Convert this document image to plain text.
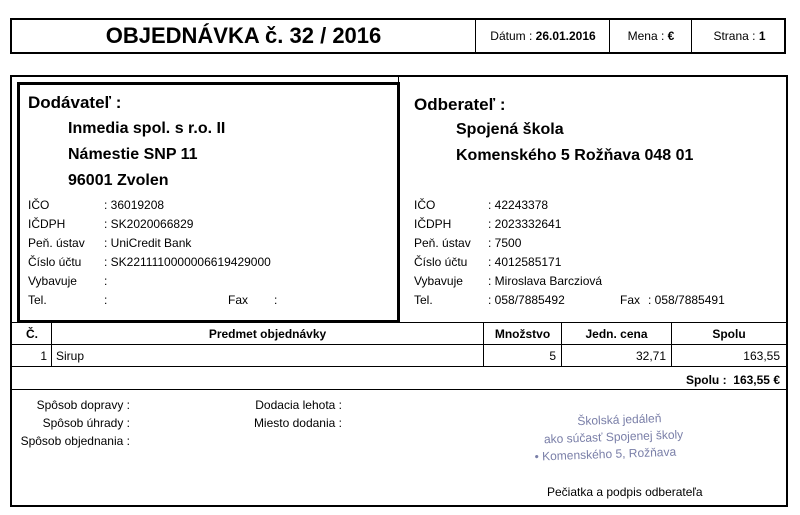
OBJEDNÁVKA č. 32 / 2016	Dátum :
26.01.2016	Mena :
€	Strana :
1
Dodávateľ :
Inmedia spol. s r.o. II
Námestie SNP 11
96001 Zvolen
IČO	: 36019208
IČDPH	: SK2020066829
Peň. ústav : UniCredit Bank
Číslo účtu : SK2211110000006619429000
Vybavuje :
Tel.	:	Fax :
Odberateľ :
Spojená škola
Komenského 5 Rožňava 048 01
IČO	: 42243378
IČDPH	: 2023332641
Peň. ústav : 7500
Číslo účtu : 4012585171
Vybavuje : Miroslava Barcziová
Tel.	: 058/7885492	Fax : 058/7885491
Č.	Predmet objednávky	Množstvo	Jedn. cena	Spolu
1 Sirup	5	32,71	163,55
Spolu : 163,55 €
Spôsob dopravy :
Spôsob úhrady :
Spôsob objednania :
Dodacia lehota :
Miesto dodania :	Školská jedáleň
ako súčasť Spojenej školy
• Komenského 5, Rožňava
Pečiatka a podpis odberateľa
